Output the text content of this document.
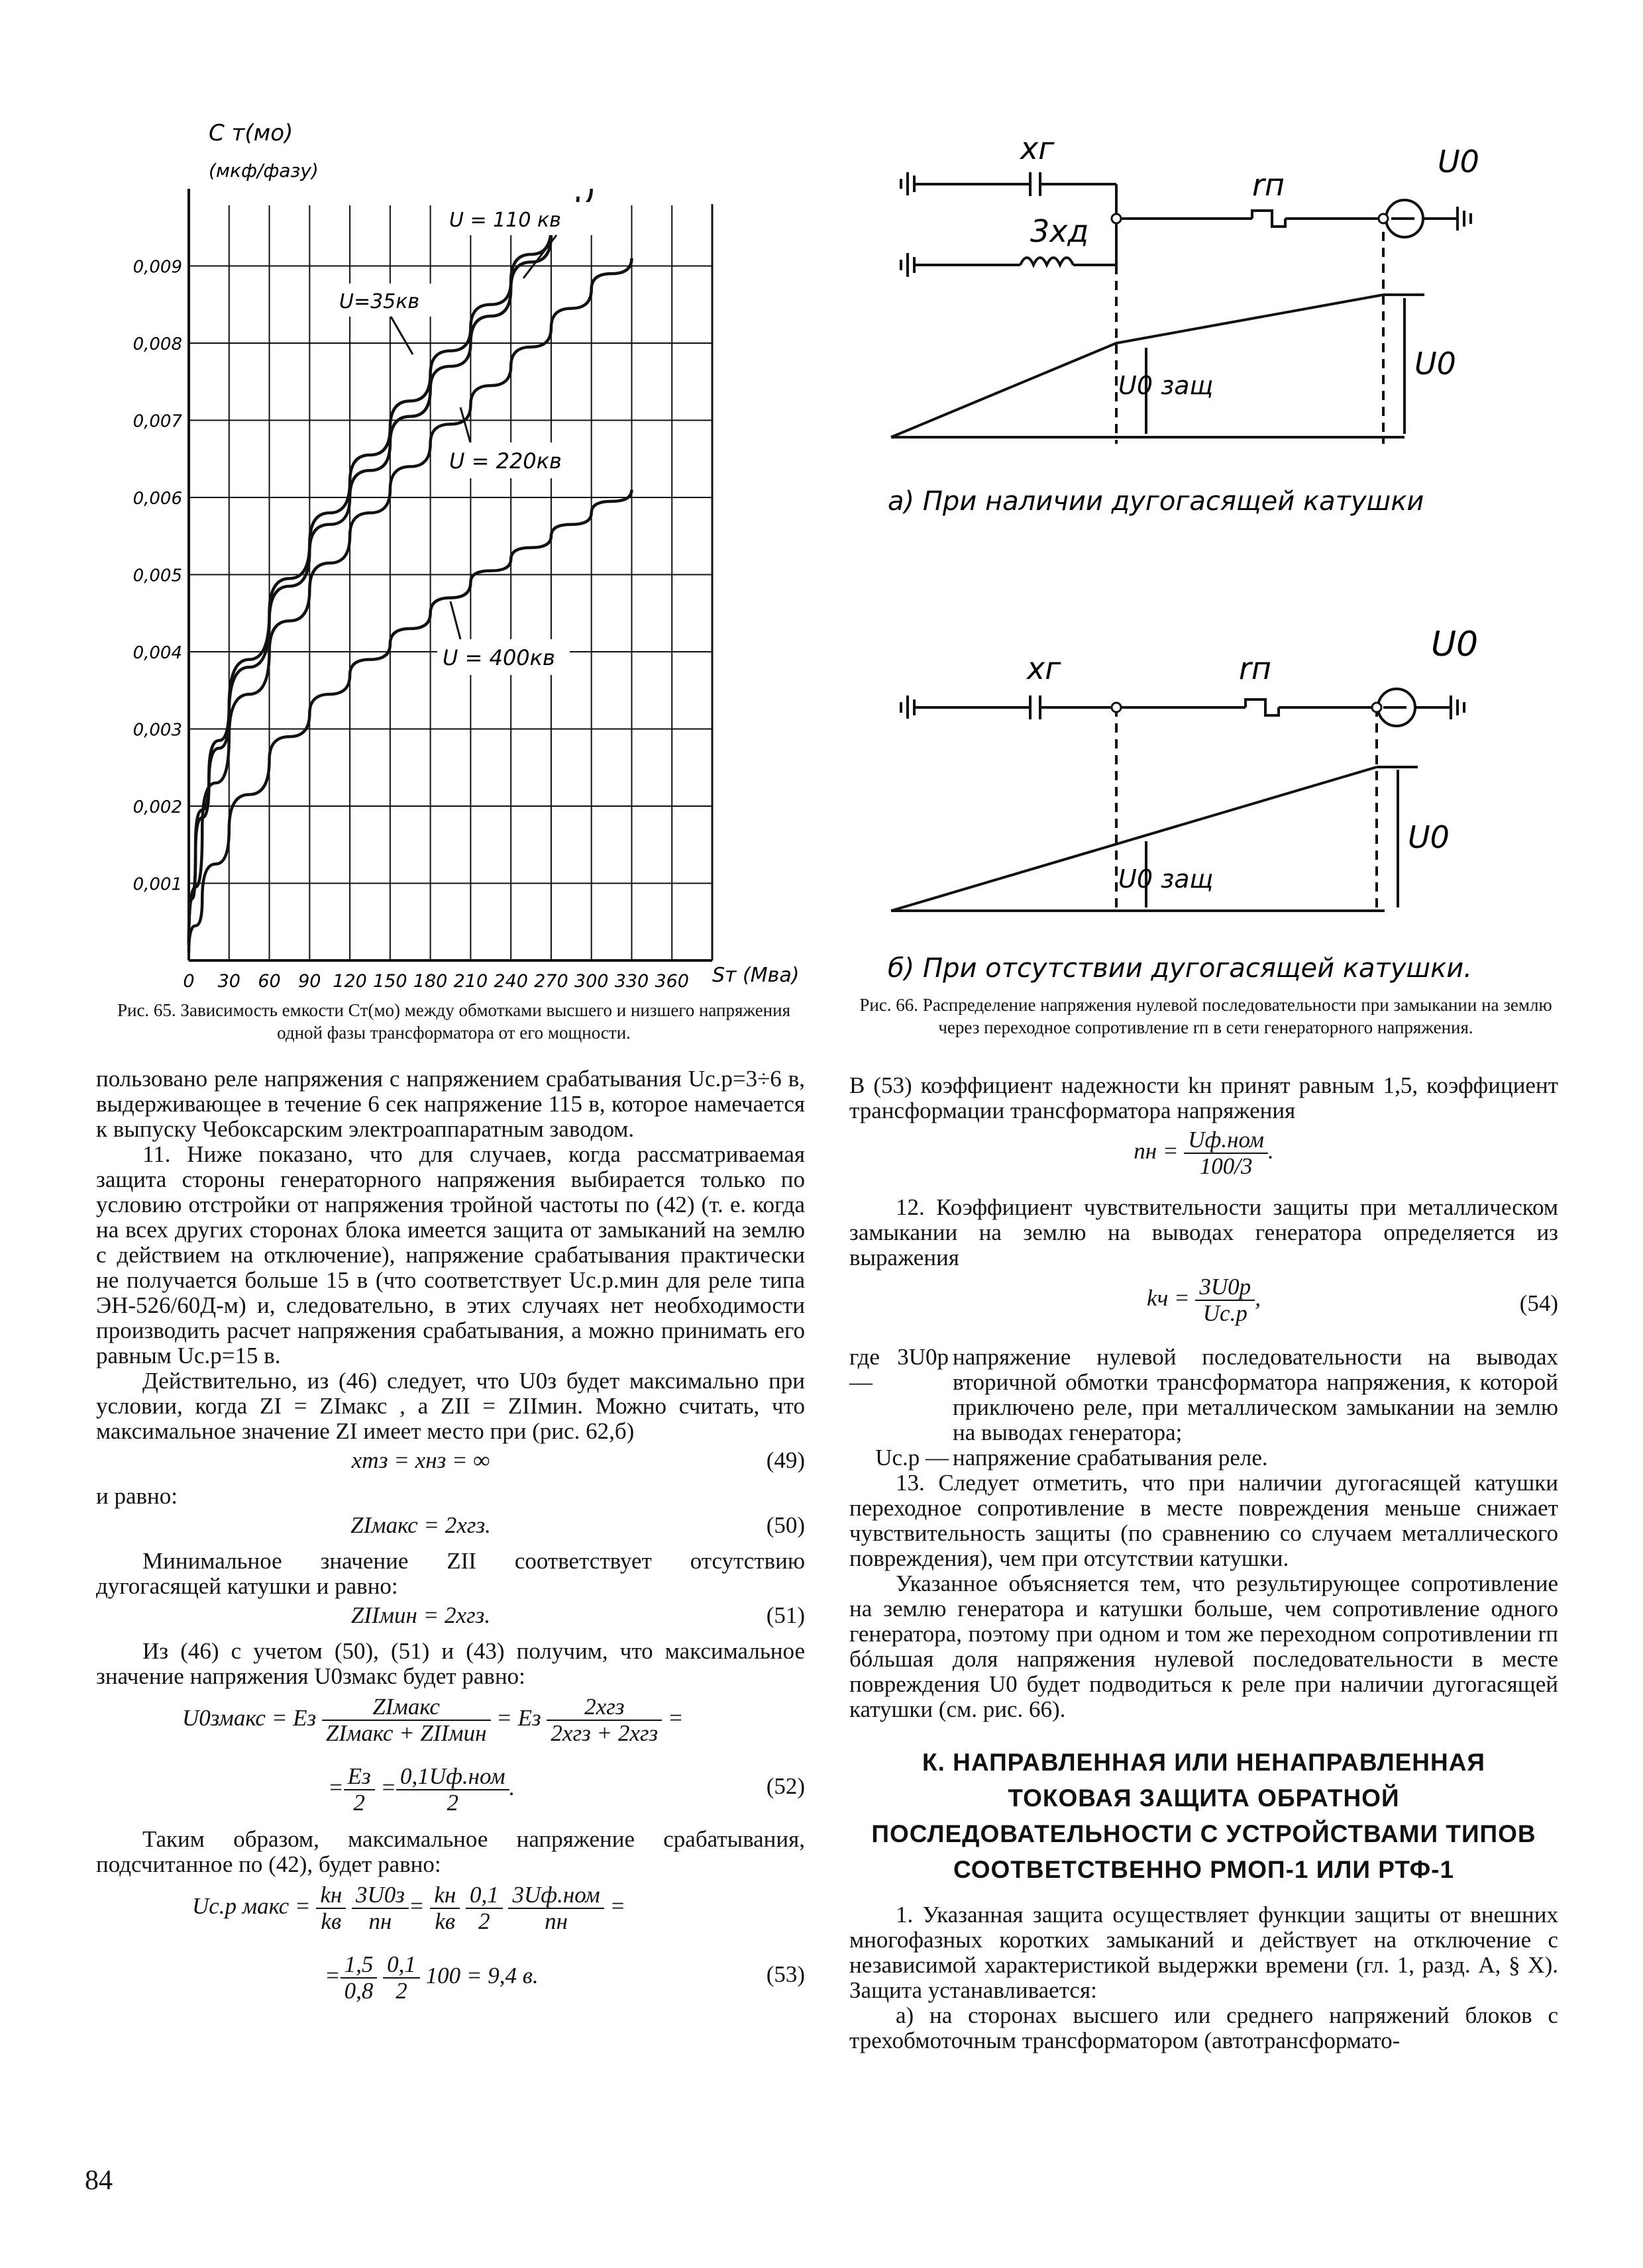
0 30 60 90 120 150 180 210 240 270 300 330 360
0,001
0,002
0,003
0,004
0,005
0,006
0,007
0,008
0,009
C т(мо)
(мкф/фазу)
Sт (Мва)
U = 110 кв
U=35кв
U = 220кв
U = 400кв
Рис. 65. Зависимость емкости Cт(мо) между обмотками высшего и низшего напряжения одной фазы трансформатора от его мощности.
xг
3xд
rп
U0
U0
U0 защ
а) При наличии дугогасящей катушки
xг	rп
U0
U0
U0 защ
б) При отсутствии дугогасящей катушки.
Рис. 66. Распределение напряжения нулевой последовательности при замыкании на землю через переходное сопротивление rп в сети генераторного напряжения.

пользовано реле напряжения с напряжением срабатывания Uс.р=3÷6 в, выдерживающее в течение 6 сек напряжение 115 в, которое намечается к выпуску Чебоксарским электроаппаратным заводом.

11. Ниже показано, что для случаев, когда рассматриваемая защита стороны генераторного напряжения выбирается только по условию отстройки от напряжения тройной частоты по (42) (т. е. когда на всех других сторонах блока имеется защита от замыканий на землю с действием на отключение), напряжение срабатывания практически не получается больше 15 в (что соответствует Uс.р.мин для реле типа ЭН-526/60Д-м) и, следовательно, в этих случаях нет необходимости производить расчет напряжения срабатывания, а можно принимать его равным Uс.р=15 в.

Действительно, из (46) следует, что U0з будет максимально при условии, когда ZI = ZIмакс , а ZII = ZIIмин. Можно считать, что максимальное значение ZI имеет место при (рис. 62,б)

xтз = xнз = ∞	(49)

и равно:

ZIмакс = 2xгз.	(50)

Минимальное значение ZII соответствует отсутствию дугогасящей катушки и равно:

ZIIмин = 2xгз.	(51)

Из (46) с учетом (50), (51) и (43) получим, что максимальное значение напряжения U0змакс будет равно:

U0змакс = Eз $\frac{\text{ZIмакс}}{\text{ZIмакс + ZIIмин}}$ = Eз $\frac{\text{2xгз}}{\text{2xгз + 2xгз}}$ =
= $\frac{Eз}{2} = \frac{\text{0,1Uф.ном}}{2}$ .	(52)

Таким образом, максимальное напряжение срабатывания, подсчитанное по (42), будет равно:

Uс.р макс = $\frac{kн}{kв}$
$\frac{3U0з}{nн} = \frac{kн}{kв}$
$\frac{0,1}{2}$
$\frac{\text{3Uф.ном}}{nн}$ =
= $\frac{1,5}{0,8}$
$\frac{0,1}{2} 100 = 9,4$ в.	(53)
84

В (53) коэффициент надежности kн принят равным 1,5, коэффициент трансформации трансформатора напряжения

nн = $\frac{\text{Uф.ном}}{100/3}$ .

12. Коэффициент чувствительности защиты при металлическом замыкании на землю на выводах генератора определяется из выражения

kч = $\frac{3U0р}{Uс.р}$ ,	(54)
где 3U0р —
напряжение нулевой последовательности на выводах вторичной обмотки трансформатора напряжения, к которой приключено реле, при металлическом замыкании на землю на выводах генератора;
Uс.р — напряжение срабатывания реле.

13. Следует отметить, что при наличии дугогасящей катушки переходное сопротивление в месте повреждения меньше снижает чувствительность защиты (по сравнению со случаем металлического повреждения), чем при отсутствии катушки.

Указанное объясняется тем, что результирующее сопротивление на землю генератора и катушки больше, чем сопротивление одного генератора, поэтому при одном и том же переходном сопротивлении rп бóльшая доля напряжения нулевой последовательности в месте повреждения U0 будет подводиться к реле при наличии дугогасящей катушки (см. рис. 66).

К. НАПРАВЛЕННАЯ ИЛИ НЕНАПРАВЛЕННАЯ ТОКОВАЯ ЗАЩИТА ОБРАТНОЙ ПОСЛЕДОВАТЕЛЬНОСТИ С УСТРОЙСТВАМИ ТИПОВ СООТВЕТСТВЕННО РМОП-1 ИЛИ РТФ-1

1. Указанная защита осуществляет функции защиты от внешних многофазных коротких замыканий и действует на отключение с независимой характеристикой выдержки времени (гл. 1, разд. А, § X). Защита устанавливается:

а) на сторонах высшего или среднего напряжений блоков с трехобмоточным трансформатором (автотрансформато-
